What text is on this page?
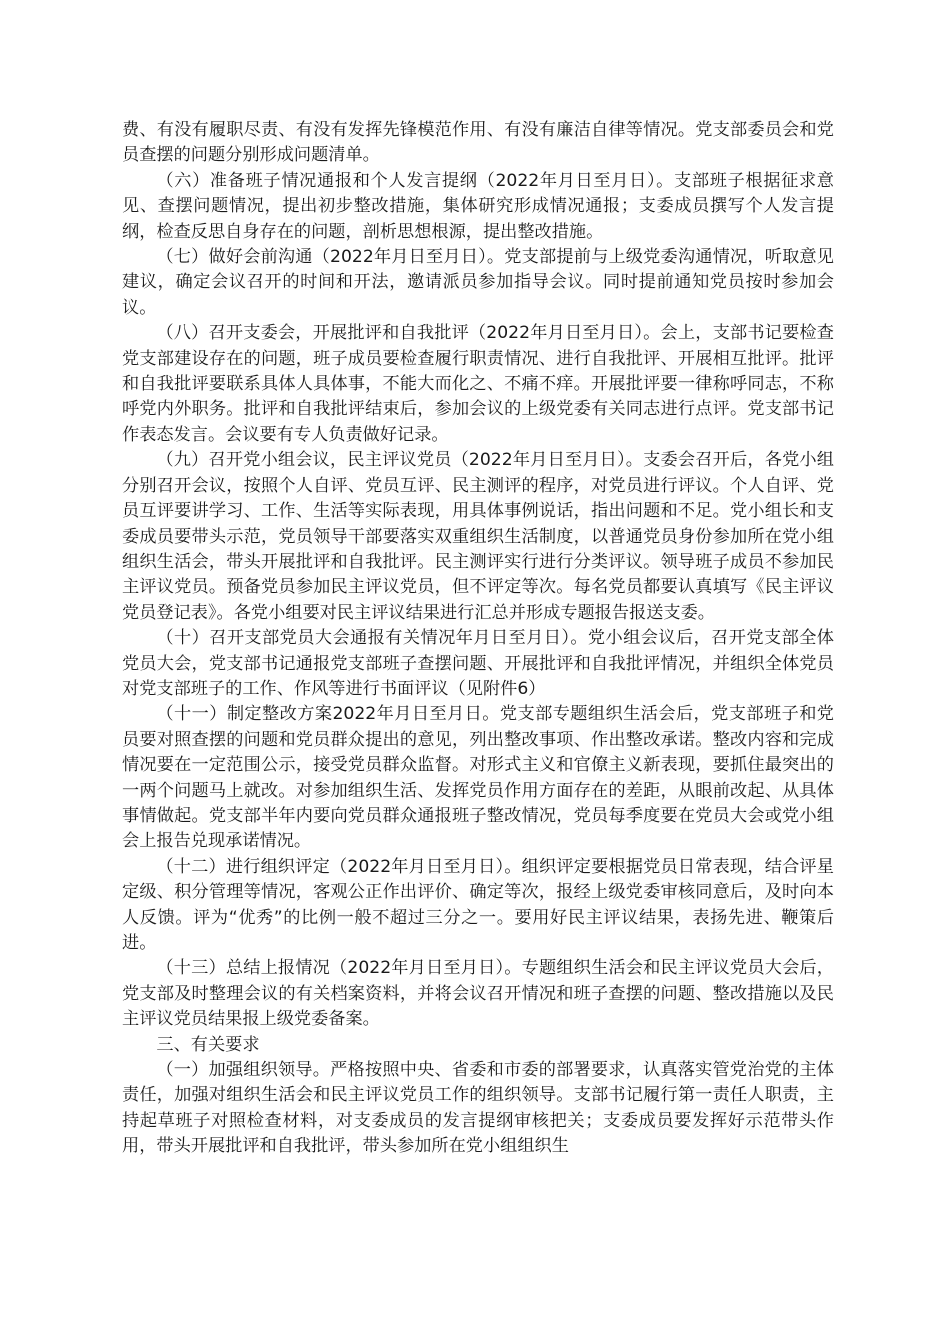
费、有没有履职尽责、有没有发挥先锋模范作用、有没有廉洁自律等情况。党支部委员会和党员查摆的问题分别形成问题清单。

（六）准备班子情况通报和个人发言提纲（2022年月日至月日）。支部班子根据征求意见、查摆问题情况，提出初步整改措施，集体研究形成情况通报；支委成员撰写个人发言提纲，检查反思自身存在的问题，剖析思想根源，提出整改措施。

（七）做好会前沟通（2022年月日至月日）。党支部提前与上级党委沟通情况，听取意见建议，确定会议召开的时间和开法，邀请派员参加指导会议。同时提前通知党员按时参加会议。

（八）召开支委会，开展批评和自我批评（2022年月日至月日）。会上，支部书记要检查党支部建设存在的问题，班子成员要检查履行职责情况、进行自我批评、开展相互批评。批评和自我批评要联系具体人具体事，不能大而化之、不痛不痒。开展批评要一律称呼同志，不称呼党内外职务。批评和自我批评结束后，参加会议的上级党委有关同志进行点评。党支部书记作表态发言。会议要有专人负责做好记录。

（九）召开党小组会议，民主评议党员（2022年月日至月日）。支委会召开后，各党小组分别召开会议，按照个人自评、党员互评、民主测评的程序，对党员进行评议。个人自评、党员互评要讲学习、工作、生活等实际表现，用具体事例说话，指出问题和不足。党小组长和支委成员要带头示范，党员领导干部要落实双重组织生活制度，以普通党员身份参加所在党小组组织生活会，带头开展批评和自我批评。民主测评实行进行分类评议。领导班子成员不参加民主评议党员。预备党员参加民主评议党员，但不评定等次。每名党员都要认真填写《民主评议党员登记表》。各党小组要对民主评议结果进行汇总并形成专题报告报送支委。

（十）召开支部党员大会通报有关情况年月日至月日）。党小组会议后，召开党支部全体党员大会，党支部书记通报党支部班子查摆问题、开展批评和自我批评情况，并组织全体党员对党支部班子的工作、作风等进行书面评议（见附件6）

（十一）制定整改方案2022年月日至月日。党支部专题组织生活会后，党支部班子和党员要对照查摆的问题和党员群众提出的意见，列出整改事项、作出整改承诺。整改内容和完成情况要在一定范围公示，接受党员群众监督。对形式主义和官僚主义新表现，要抓住最突出的一两个问题马上就改。对参加组织生活、发挥党员作用方面存在的差距，从眼前改起、从具体事情做起。党支部半年内要向党员群众通报班子整改情况，党员每季度要在党员大会或党小组会上报告兑现承诺情况。

（十二）进行组织评定（2022年月日至月日）。组织评定要根据党员日常表现，结合评星定级、积分管理等情况，客观公正作出评价、确定等次，报经上级党委审核同意后，及时向本人反馈。评为“优秀”的比例一般不超过三分之一。要用好民主评议结果，表扬先进、鞭策后进。

（十三）总结上报情况（2022年月日至月日）。专题组织生活会和民主评议党员大会后，党支部及时整理会议的有关档案资料，并将会议召开情况和班子查摆的问题、整改措施以及民主评议党员结果报上级党委备案。

三、有关要求

（一）加强组织领导。严格按照中央、省委和市委的部署要求，认真落实管党治党的主体责任，加强对组织生活会和民主评议党员工作的组织领导。支部书记履行第一责任人职责，主持起草班子对照检查材料，对支委成员的发言提纲审核把关；支委成员要发挥好示范带头作用，带头开展批评和自我批评，带头参加所在党小组组织生
